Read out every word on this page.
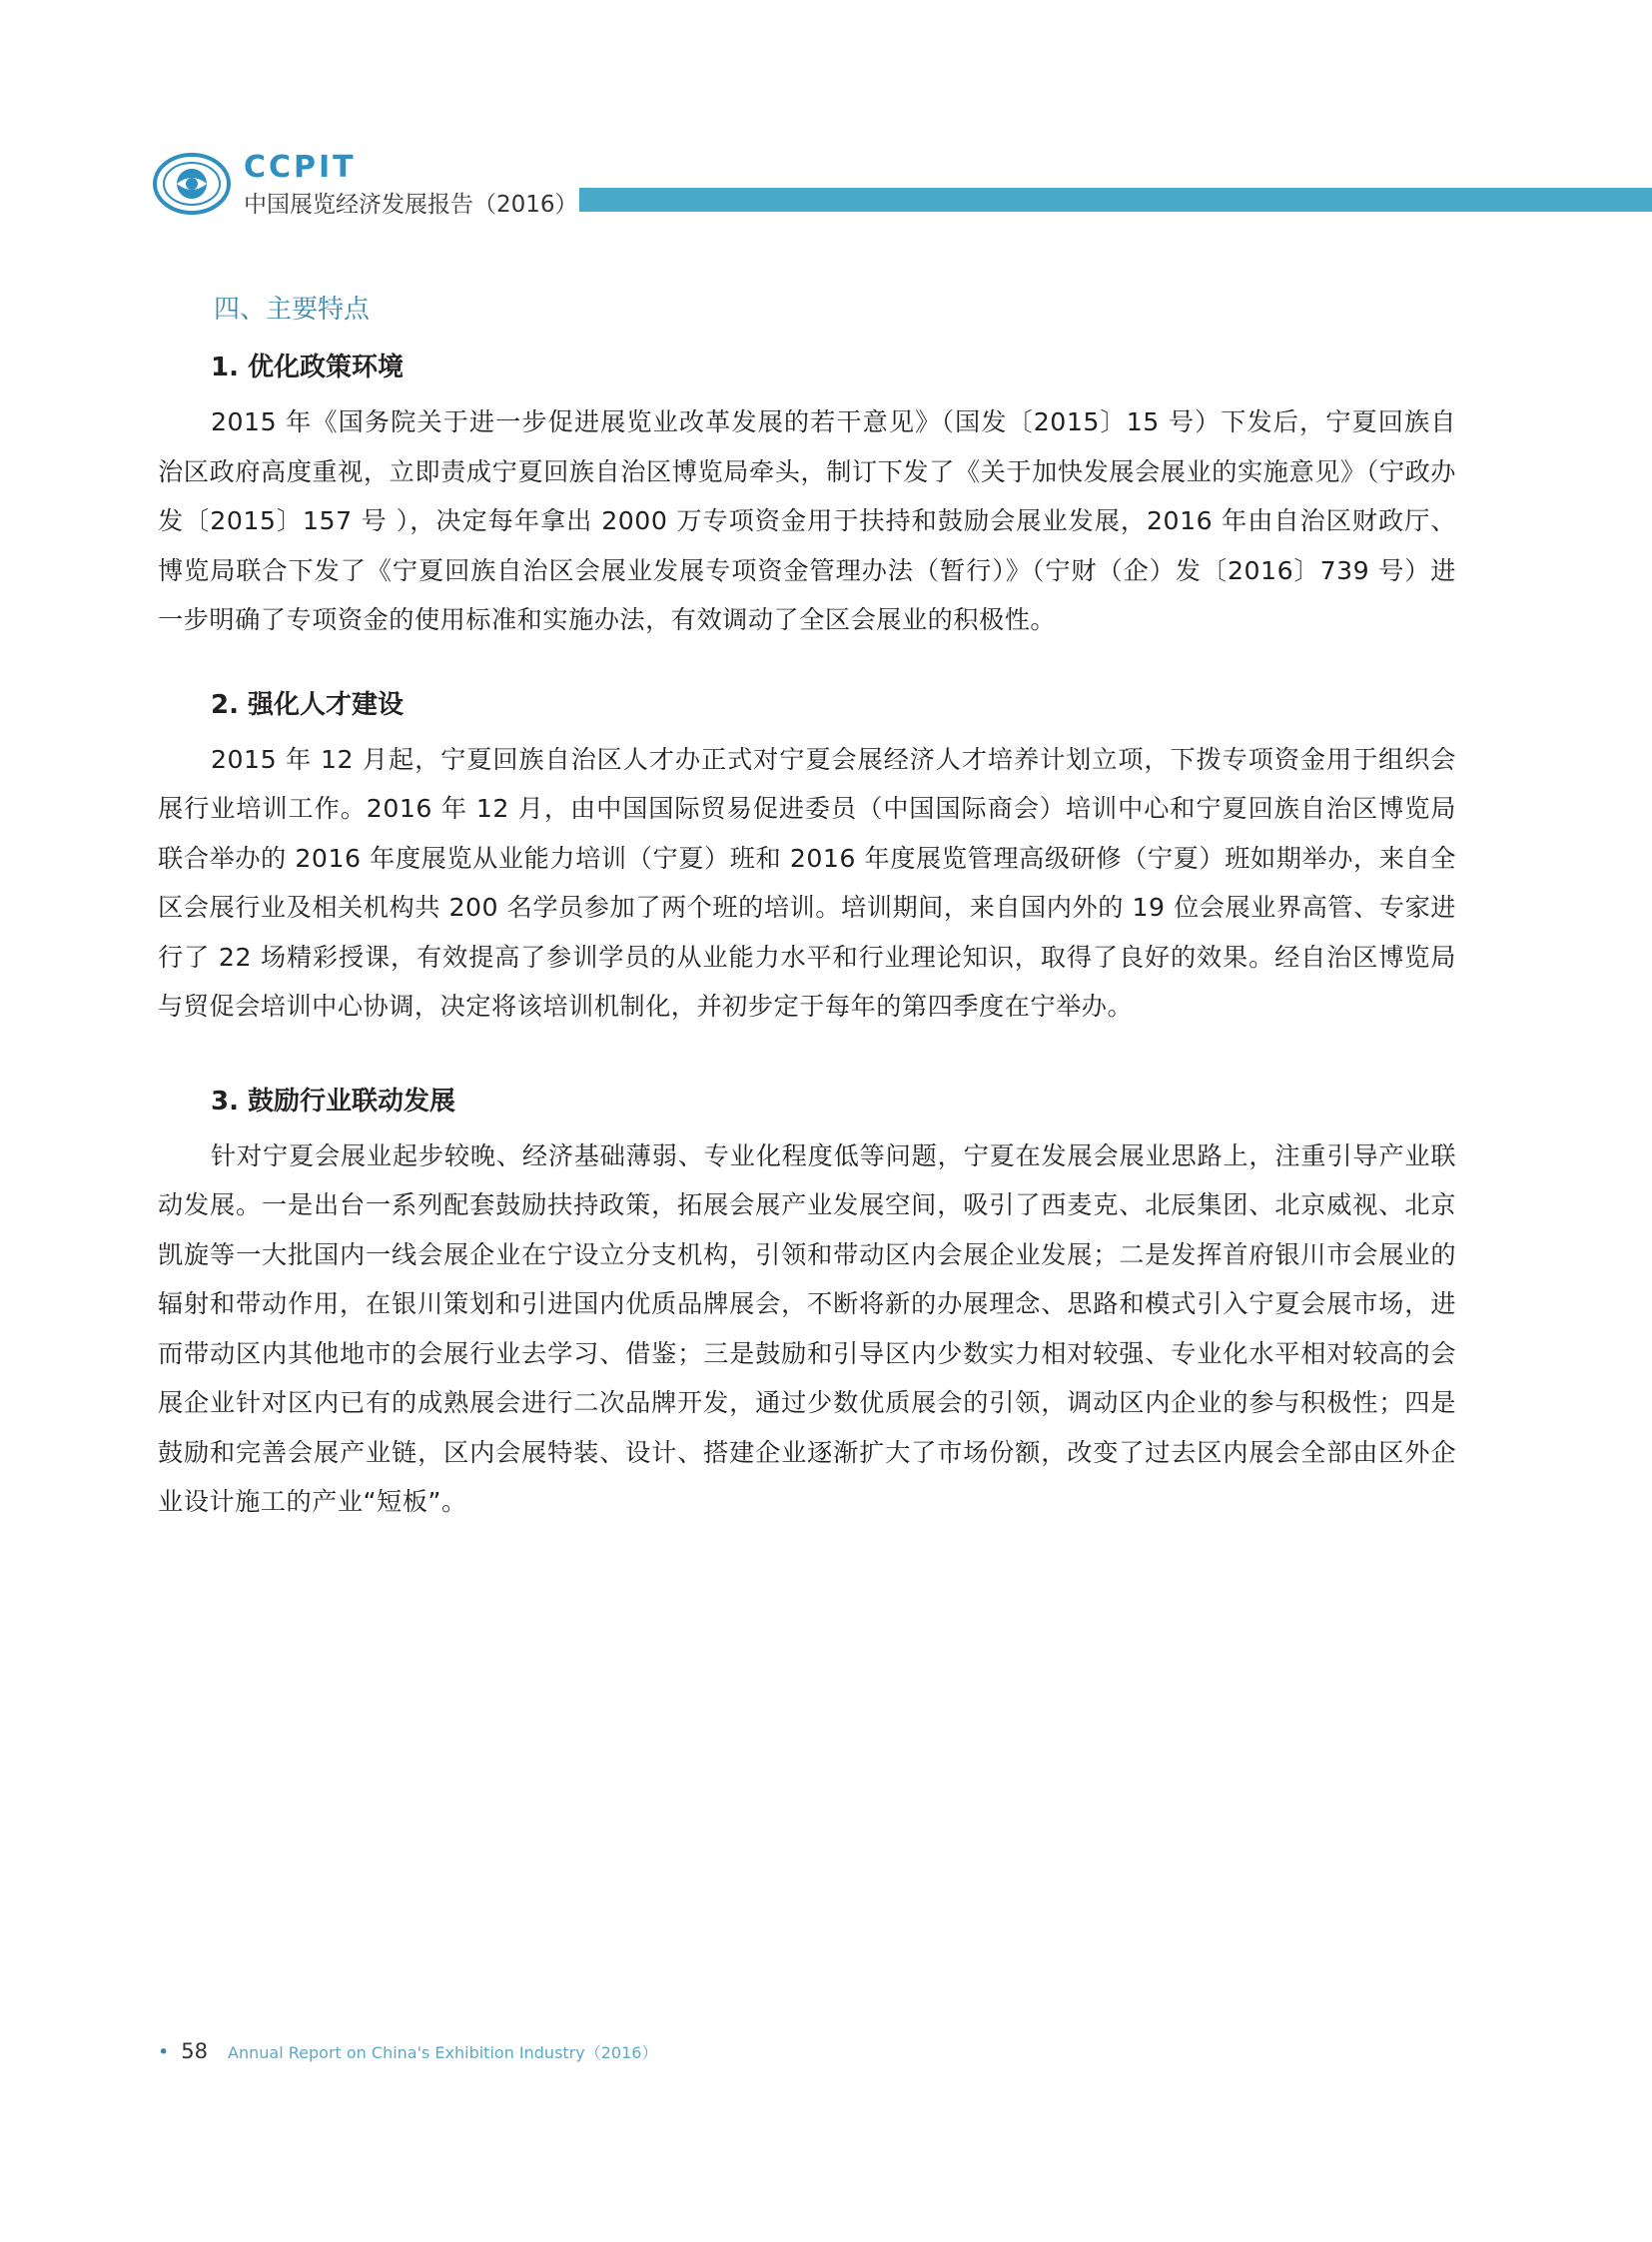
CCPIT
中国展览经济发展报告（2016）
四、主要特点
1. 优化政策环境

2015 年《国务院关于进一步促进展览业改革发展的若干意见》（国发〔2015〕15 号）下发后，宁夏回族自治区政府高度重视，立即责成宁夏回族自治区博览局牵头，制订下发了《关于加快发展会展业的实施意见》（宁政办发〔2015〕157 号 ），决定每年拿出 2000 万专项资金用于扶持和鼓励会展业发展，2016 年由自治区财政厅、博览局联合下发了《宁夏回族自治区会展业发展专项资金管理办法（暂行）》（宁财（企）发〔2016〕739 号）进一步明确了专项资金的使用标准和实施办法，有效调动了全区会展业的积极性。

2. 强化人才建设

2015 年 12 月起，宁夏回族自治区人才办正式对宁夏会展经济人才培养计划立项，下拨专项资金用于组织会展行业培训工作。2016 年 12 月，由中国国际贸易促进委员（中国国际商会）培训中心和宁夏回族自治区博览局联合举办的 2016 年度展览从业能力培训（宁夏）班和 2016 年度展览管理高级研修（宁夏）班如期举办，来自全区会展行业及相关机构共 200 名学员参加了两个班的培训。培训期间，来自国内外的 19 位会展业界高管、专家进行了 22 场精彩授课，有效提高了参训学员的从业能力水平和行业理论知识，取得了良好的效果。经自治区博览局与贸促会培训中心协调，决定将该培训机制化，并初步定于每年的第四季度在宁举办。

3. 鼓励行业联动发展

针对宁夏会展业起步较晚、经济基础薄弱、专业化程度低等问题，宁夏在发展会展业思路上，注重引导产业联动发展。一是出台一系列配套鼓励扶持政策，拓展会展产业发展空间，吸引了西麦克、北辰集团、北京威视、北京凯旋等一大批国内一线会展企业在宁设立分支机构，引领和带动区内会展企业发展；二是发挥首府银川市会展业的辐射和带动作用，在银川策划和引进国内优质品牌展会，不断将新的办展理念、思路和模式引入宁夏会展市场，进而带动区内其他地市的会展行业去学习、借鉴；三是鼓励和引导区内少数实力相对较强、专业化水平相对较高的会展企业针对区内已有的成熟展会进行二次品牌开发，通过少数优质展会的引领，调动区内企业的参与积极性；四是鼓励和完善会展产业链，区内会展特装、设计、搭建企业逐渐扩大了市场份额，改变了过去区内展会全部由区外企业设计施工的产业“短板”。

• 58 Annual Report on China's Exhibition Industry（2016）
